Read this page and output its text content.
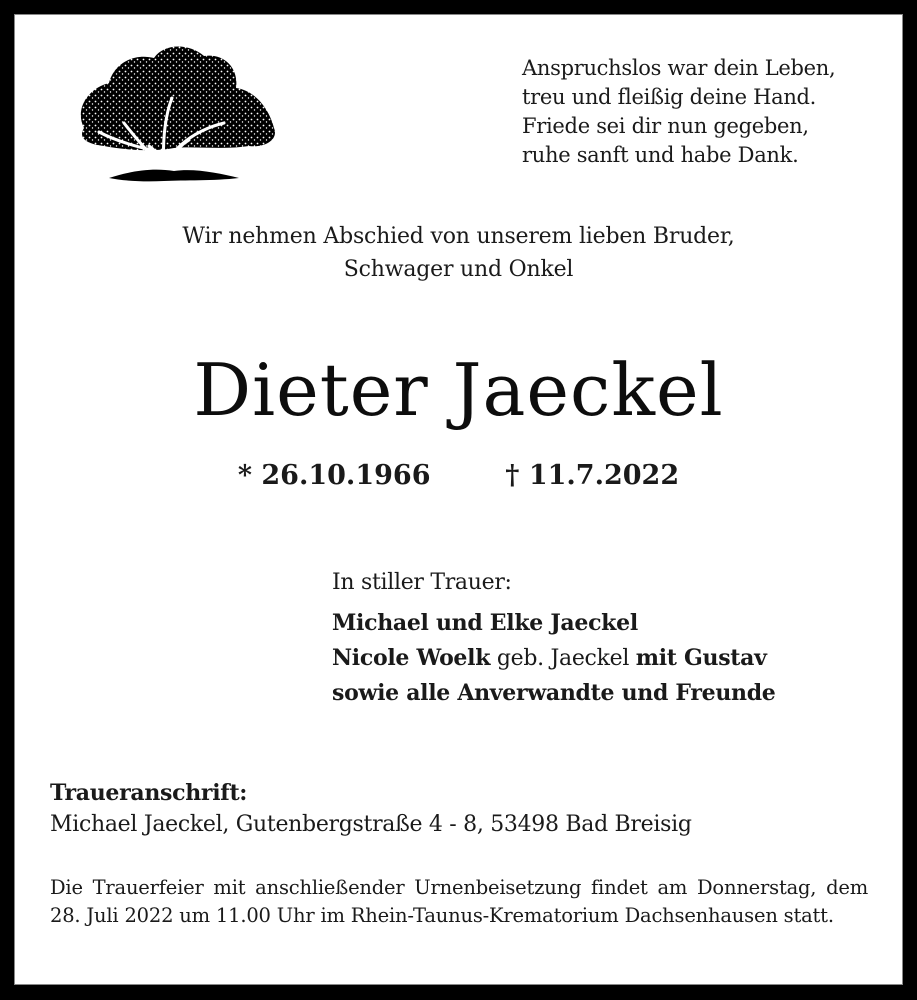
Anspruchslos war dein Leben,
treu und fleißig deine Hand.
Friede sei dir nun gegeben,
ruhe sanft und habe Dank.
Wir nehmen Abschied von unserem lieben Bruder,
Schwager und Onkel
Dieter Jaeckel
* 26.10.1966	† 11.7.2022
In stiller Trauer:
Michael und Elke Jaeckel
Nicole Woelk geb. Jaeckel mit Gustav
sowie alle Anverwandte und Freunde
Traueranschrift:
Michael Jaeckel, Gutenbergstraße 4 - 8, 53498 Bad Breisig
Die Trauerfeier mit anschließender Urnenbeisetzung findet am Donnerstag, dem 28. Juli 2022 um 11.00 Uhr im Rhein-Taunus-Krematorium Dachsenhausen statt.
